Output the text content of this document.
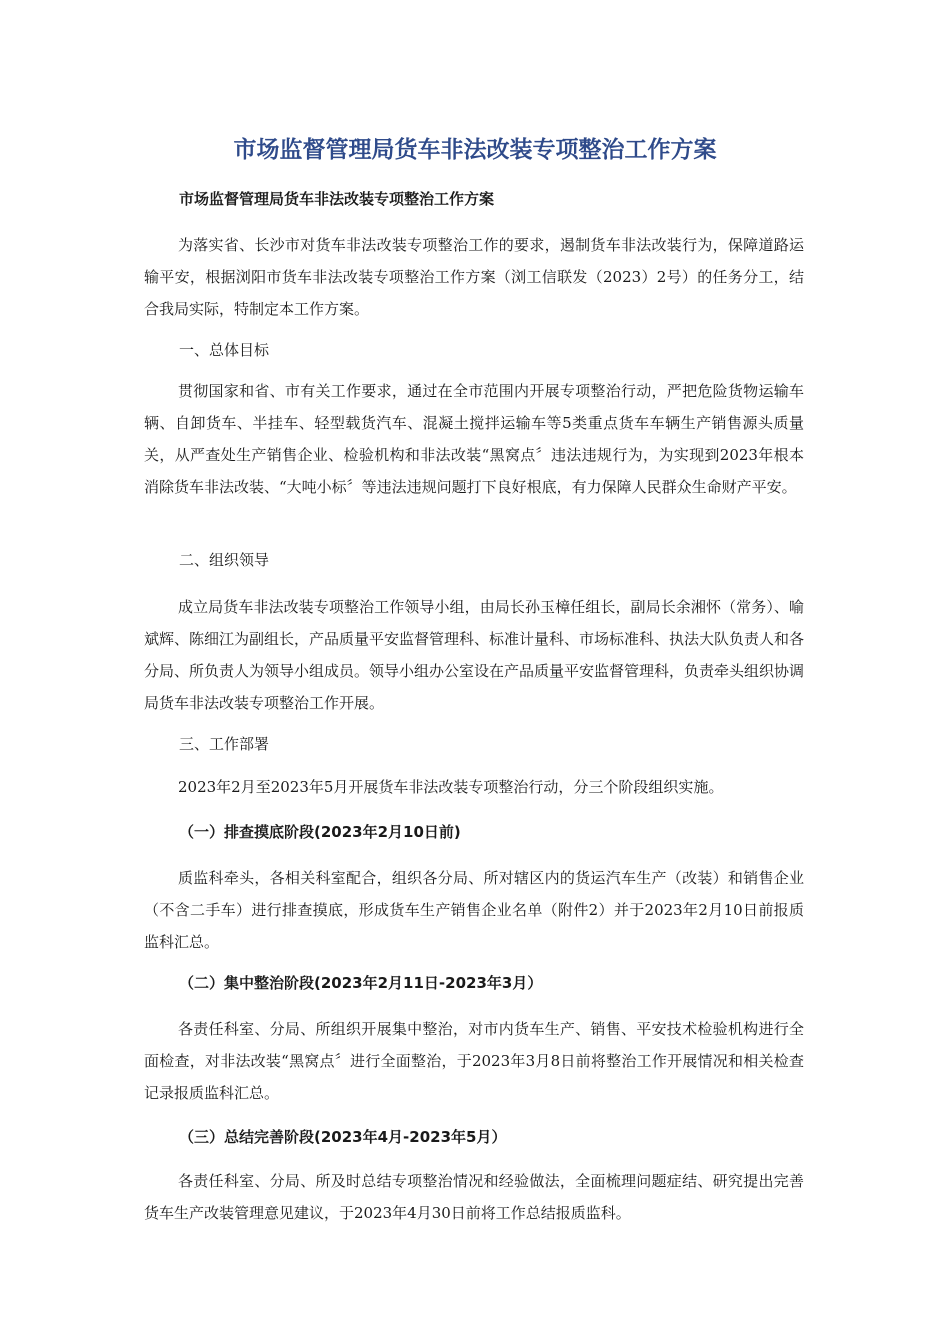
市场监督管理局货车非法改装专项整治工作方案

市场监督管理局货车非法改装专项整治工作方案

为落实省、长沙市对货车非法改装专项整治工作的要求，遏制货车非法改装行为，保障道路运输平安，根据浏阳市货车非法改装专项整治工作方案（浏工信联发（2023）2号）的任务分工，结合我局实际，特制定本工作方案。

一、总体目标

贯彻国家和省、市有关工作要求，通过在全市范围内开展专项整治行动，严把危险货物运输车辆、自卸货车、半挂车、轻型载货汽车、混凝土搅拌运输车等5类重点货车车辆生产销售源头质量关，从严查处生产销售企业、检验机构和非法改装“黑窝点〞违法违规行为，为实现到2023年根本消除货车非法改装、“大吨小标〞等违法违规问题打下良好根底，有力保障人民群众生命财产平安。

二、组织领导

成立局货车非法改装专项整治工作领导小组，由局长孙玉樟任组长，副局长余湘怀（常务）、喻斌辉、陈细江为副组长，产品质量平安监督管理科、标准计量科、市场标准科、执法大队负责人和各分局、所负责人为领导小组成员。领导小组办公室设在产品质量平安监督管理科，负责牵头组织协调局货车非法改装专项整治工作开展。

三、工作部署

2023年2月至2023年5月开展货车非法改装专项整治行动，分三个阶段组织实施。

（一）排查摸底阶段(2023年2月10日前)

质监科牵头，各相关科室配合，组织各分局、所对辖区内的货运汽车生产（改装）和销售企业（不含二手车）进行排查摸底，形成货车生产销售企业名单（附件2）并于2023年2月10日前报质监科汇总。

（二）集中整治阶段(2023年2月11日-2023年3月）

各责任科室、分局、所组织开展集中整治，对市内货车生产、销售、平安技术检验机构进行全面检查，对非法改装“黑窝点〞进行全面整治，于2023年3月8日前将整治工作开展情况和相关检查记录报质监科汇总。

（三）总结完善阶段(2023年4月-2023年5月）

各责任科室、分局、所及时总结专项整治情况和经验做法，全面梳理问题症结、研究提出完善货车生产改装管理意见建议，于2023年4月30日前将工作总结报质监科。
